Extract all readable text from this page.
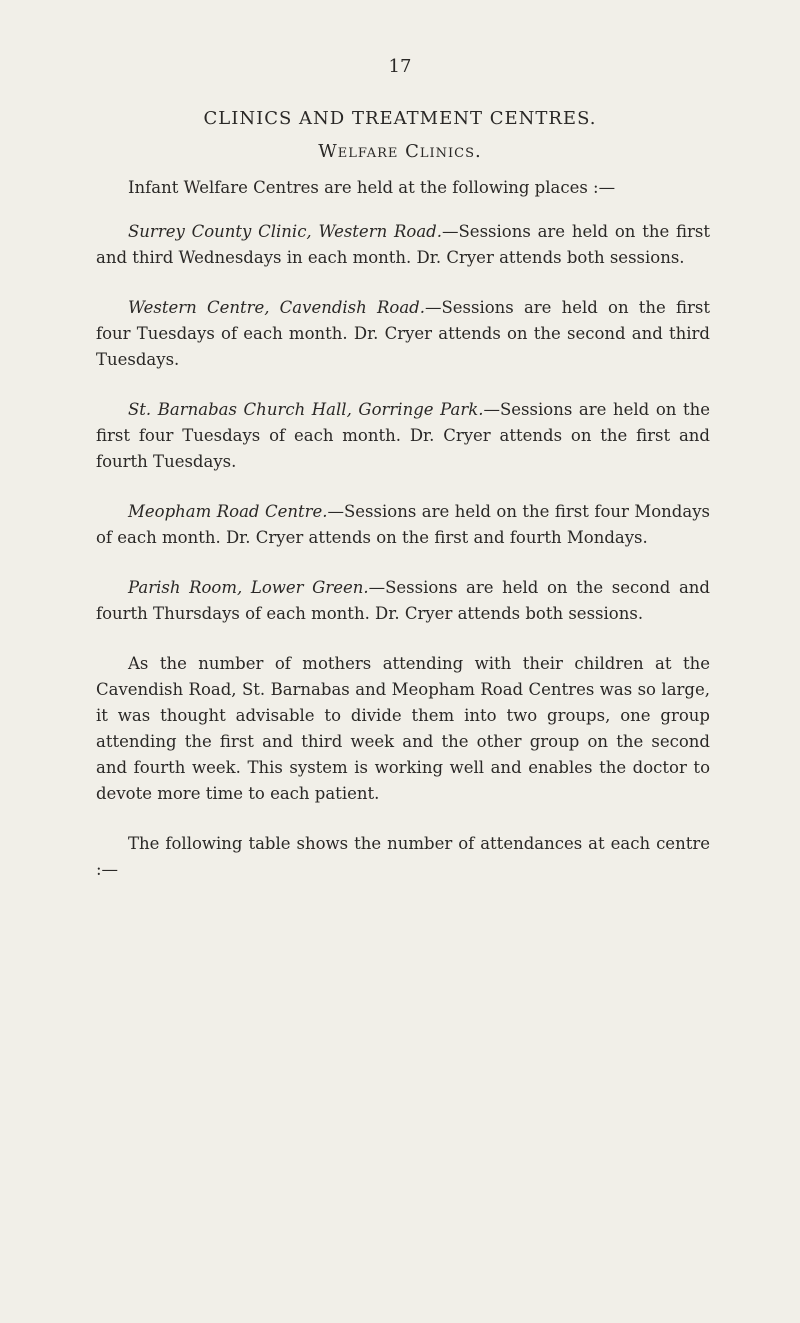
17
CLINICS AND TREATMENT CENTRES.
Welfare Clinics.

Infant Welfare Centres are held at the following places :—

Surrey County Clinic, Western Road.—Sessions are held on the first and third Wednesdays in each month. Dr. Cryer attends both sessions.

Western Centre, Cavendish Road.—Sessions are held on the first four Tuesdays of each month. Dr. Cryer attends on the second and third Tuesdays.

St. Barnabas Church Hall, Gorringe Park.—Sessions are held on the first four Tuesdays of each month. Dr. Cryer attends on the first and fourth Tuesdays.

Meopham Road Centre.—Sessions are held on the first four Mondays of each month. Dr. Cryer attends on the first and fourth Mondays.

Parish Room, Lower Green.—Sessions are held on the second and fourth Thursdays of each month. Dr. Cryer attends both sessions.

As the number of mothers attending with their children at the Cavendish Road, St. Barnabas and Meopham Road Centres was so large, it was thought advisable to divide them into two groups, one group attending the first and third week and the other group on the second and fourth week. This system is working well and enables the doctor to devote more time to each patient.

The following table shows the number of attendances at each centre :—
